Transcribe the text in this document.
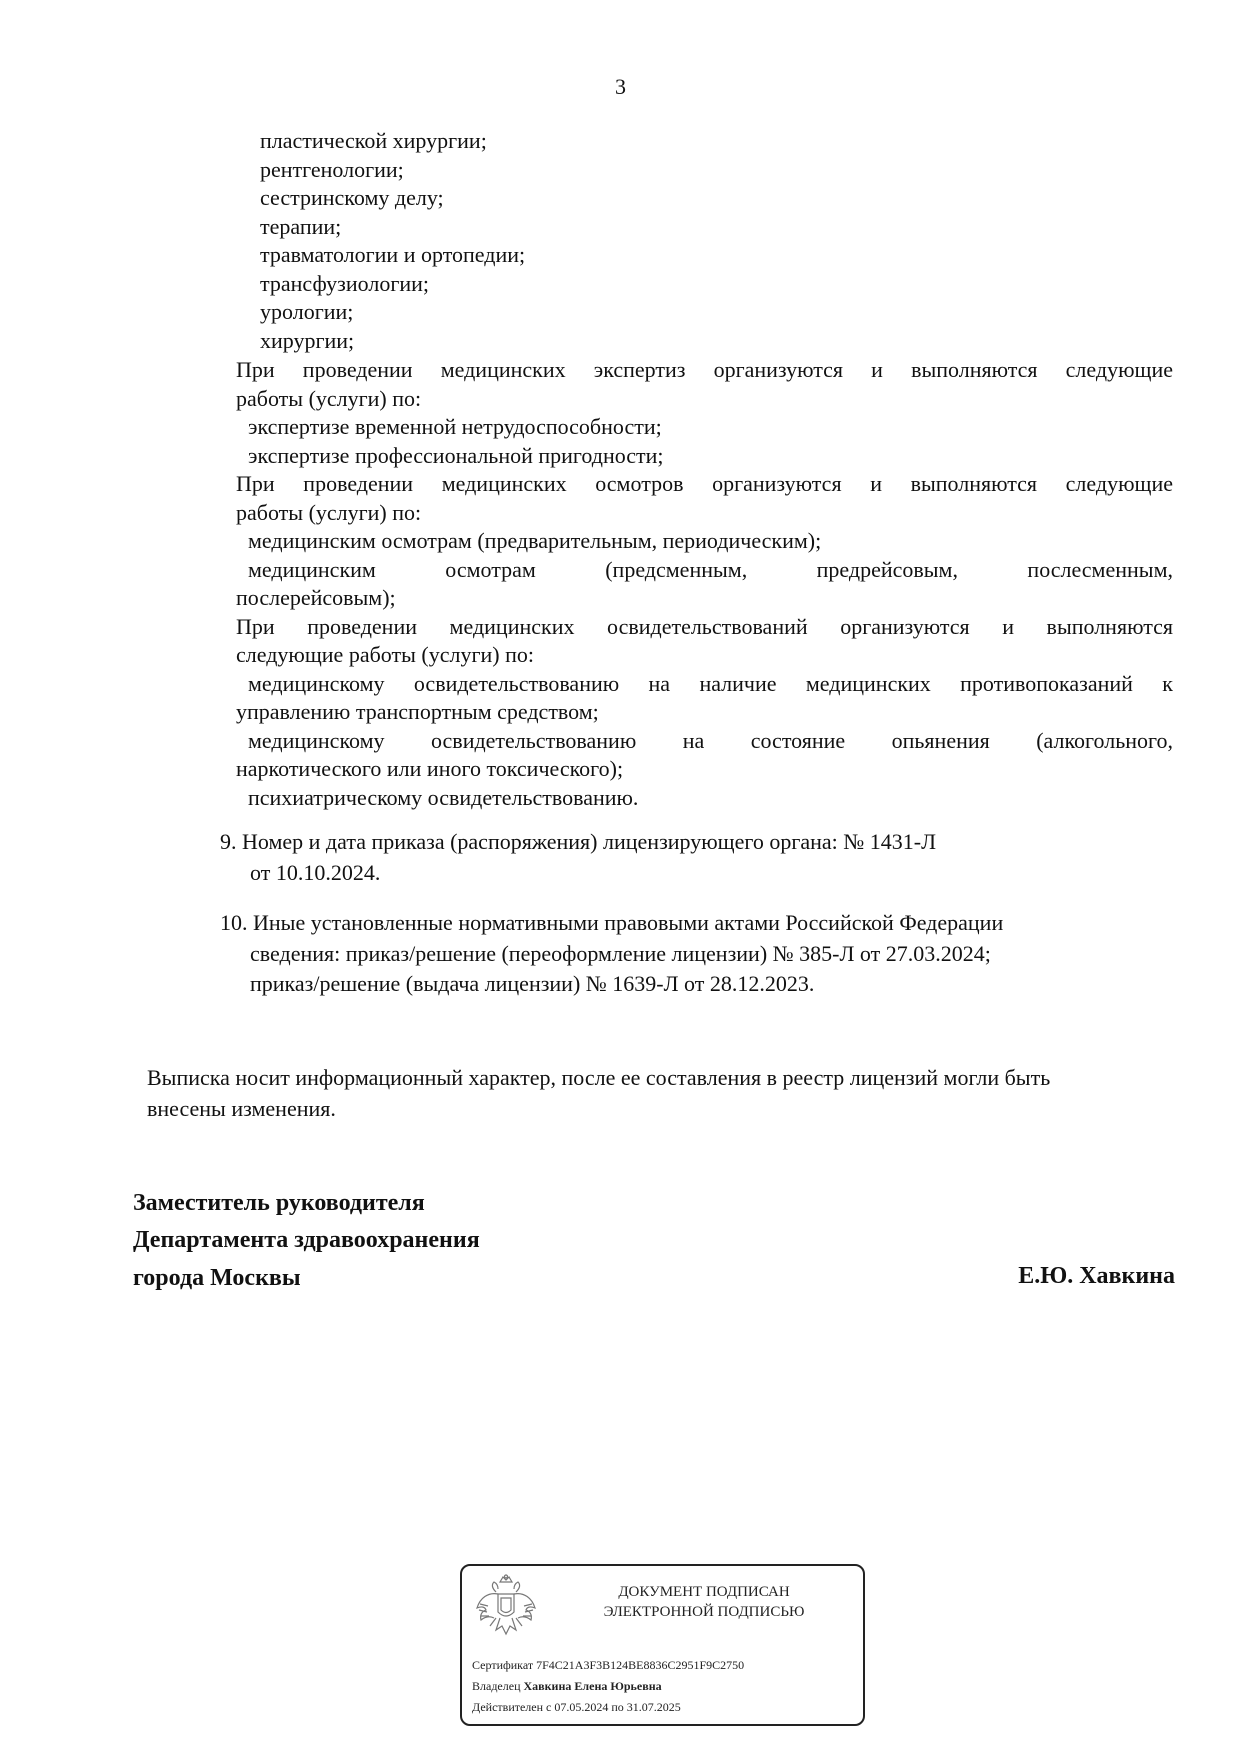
3
пластической хирургии;
рентгенологии;
сестринскому делу;
терапии;
травматологии и ортопедии;
трансфузиологии;
урологии;
хирургии;
При проведении медицинских экспертиз организуются и выполняются следующие
работы (услуги) по:
экспертизе временной нетрудоспособности;
экспертизе профессиональной пригодности;
При проведении медицинских осмотров организуются и выполняются следующие
работы (услуги) по:
медицинским осмотрам (предварительным, периодическим);
медицинским осмотрам (предсменным, предрейсовым, послесменным,
послерейсовым);
При проведении медицинских освидетельствований организуются и выполняются
следующие работы (услуги) по:
медицинскому освидетельствованию на наличие медицинских противопоказаний к
управлению транспортным средством;
медицинскому освидетельствованию на состояние опьянения (алкогольного,
наркотического или иного токсического);
психиатрическому освидетельствованию.
9. Номер и дата приказа (распоряжения) лицензирующего органа: № 1431-Л
от 10.10.2024.
10. Иные установленные нормативными правовыми актами Российской Федерации
сведения: приказ/решение (переоформление лицензии) № 385-Л от 27.03.2024;
приказ/решение (выдача лицензии) № 1639-Л от 28.12.2023.
Выписка носит информационный характер, после ее составления в реестр лицензий могли быть
внесены изменения.
Заместитель руководителя
Департамента здравоохранения
города Москвы	Е.Ю. Хавкина
ДОКУМЕНТ ПОДПИСАН
ЭЛЕКТРОННОЙ ПОДПИСЬЮ
Сертификат 7F4C21A3F3B124BE8836C2951F9C2750
Владелец Хавкина Елена Юрьевна
Действителен с 07.05.2024 по 31.07.2025
